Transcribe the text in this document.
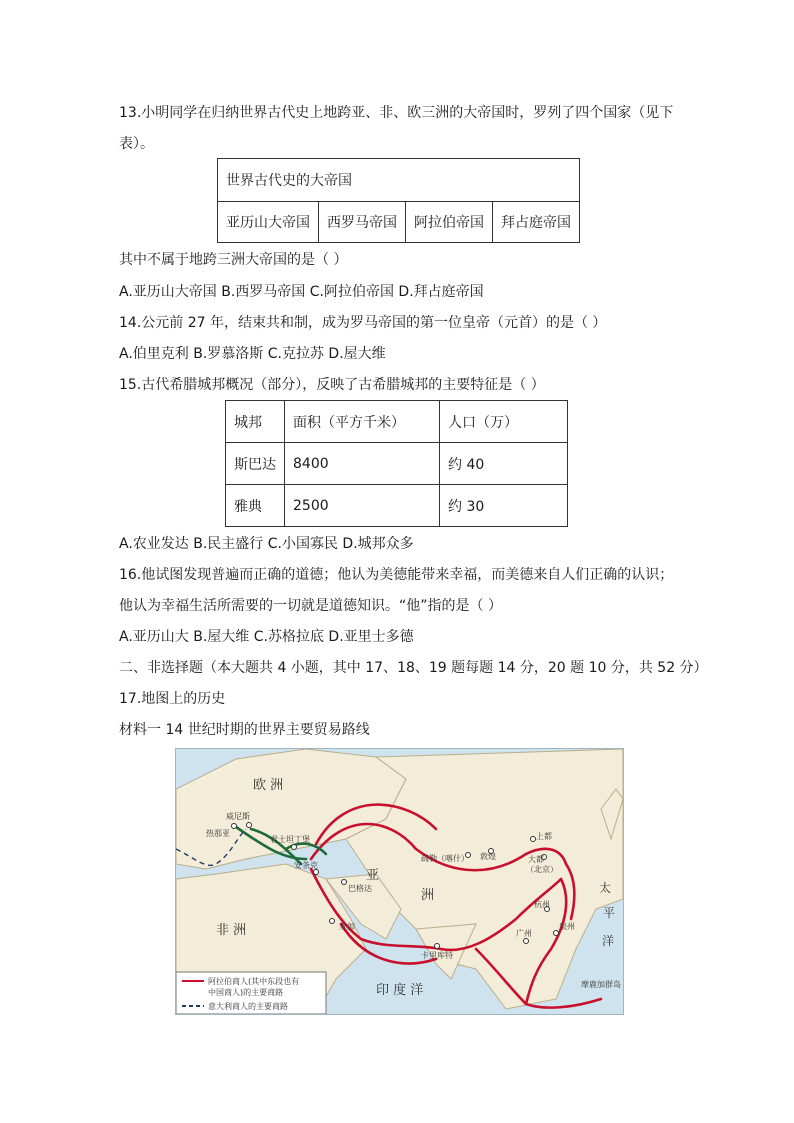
13.小明同学在归纳世界古代史上地跨亚、非、欧三洲的大帝国时，罗列了四个国家（见下
表）。
世界古代史的大帝国
亚历山大帝国	西罗马帝国	阿拉伯帝国	拜占庭帝国
其中不属于地跨三洲大帝国的是（ ）
A.亚历山大帝国 B.西罗马帝国 C.阿拉伯帝国 D.拜占庭帝国
14.公元前 27 年，结束共和制，成为罗马帝国的第一位皇帝（元首）的是（ ）
A.伯里克利 B.罗慕洛斯 C.克拉苏 D.屋大维
15.古代希腊城邦概况（部分），反映了古希腊城邦的主要特征是（ ）
城邦	面积（平方千米）	人口（万）
斯巴达	8400	约 40
雅典	2500	约 30
A.农业发达 B.民主盛行 C.小国寡民 D.城邦众多
16.他试图发现普遍而正确的道德；他认为美德能带来幸福，而美德来自人们正确的认识；
他认为幸福生活所需要的一切就是道德知识。“他”指的是（ ）
A.亚历山大 B.屋大维 C.苏格拉底 D.亚里士多德
二、非选择题（本大题共 4 小题，其中 17、18、19 题每题 14 分，20 题 10 分，共 52 分）
17.地图上的历史
材料一 14 世纪时期的世界主要贸易路线
欧 洲
非 洲
亚
洲
印 度 洋
太
平
洋
热那亚
威尼斯
君士坦丁堡
安条克
巴格达
麦加
疏勒（喀什） 敦煌
上都
大都
（北京）
杭州
泉州
广州
卡里库特
摩鹿加群岛
阿拉伯商人(其中东段也有
中国商人)的主要商路
意大利商人的主要商路
